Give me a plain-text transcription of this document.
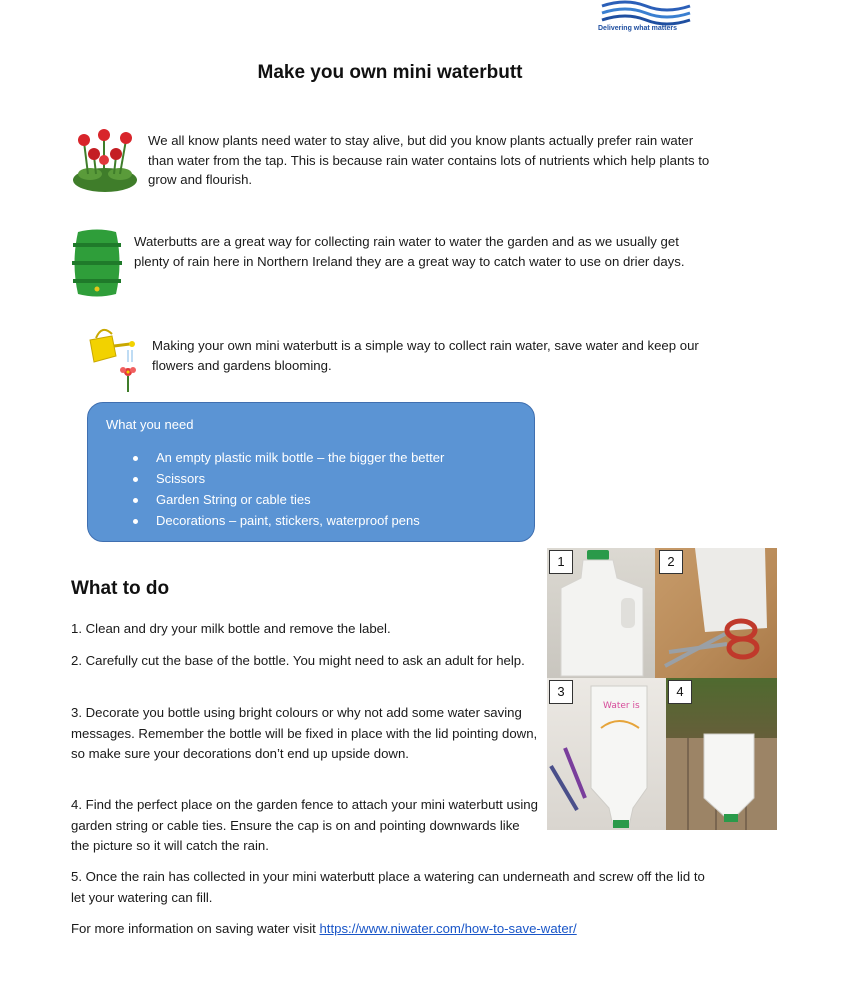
Delivering what matters
Make you own mini waterbutt
We all know plants need water to stay alive, but did you know plants actually prefer rain water than water from the tap. This is because rain water contains lots of nutrients which help plants to grow and flourish.
Waterbutts are a great way for collecting rain water to water the garden and as we usually get plenty of rain here in Northern Ireland they are a great way to catch water to use on drier days.
Making your own mini waterbutt is a simple way to collect rain water, save water and keep our flowers and gardens blooming.
What you need
An empty plastic milk bottle – the bigger the better
Scissors
Garden String or cable ties
Decorations – paint, stickers, waterproof pens
What to do
1. Clean and dry your milk bottle and remove the label.
2. Carefully cut the base of the bottle. You might need to ask an adult for help.
3. Decorate you bottle using bright colours or why not add some water saving messages. Remember the bottle will be fixed in place with the lid pointing down, so make sure your decorations don’t end up upside down.
4. Find the perfect place on the garden fence to attach your mini waterbutt using garden string or cable ties. Ensure the cap is on and pointing downwards like the picture so it will catch the rain.
5. Once the rain has collected in your mini waterbutt place a watering can underneath and screw off the lid to let your watering can fill.
For more information on saving water visit https://www.niwater.com/how-to-save-water/
1	2
Water is
3	4
